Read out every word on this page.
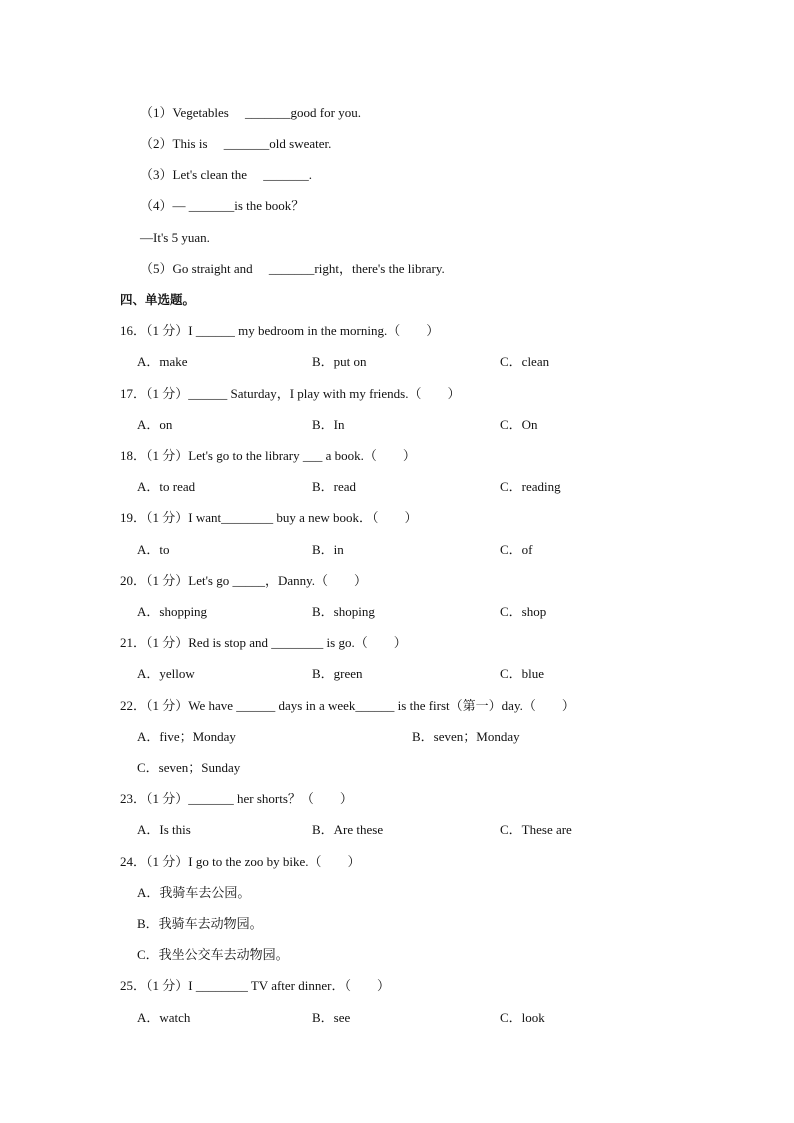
（1）Vegetables　 _______good for you.
（2）This is　 _______old sweater.
（3）Let's clean the　 _______.
（4）— _______is the book？
—It's 5 yuan.
（5）Go straight and　 _______right，there's the library.
四、单选题。
16．（1 分）I ______ my bedroom in the morning.（　　）
A．make	B．put on	C．clean
17．（1 分）______ Saturday，I play with my friends.（　　）
A．on	B．In	C．On
18．（1 分）Let's go to the library ___ a book.（　　）
A．to read	B．read	C．reading
19．（1 分）I want________ buy a new book．（　　）
A．to	B．in	C．of
20．（1 分）Let's go _____，Danny.（　　）
A．shopping	B．shoping	C．shop
21．（1 分）Red is stop and ________ is go.（　　）
A．yellow	B．green	C．blue
22．（1 分）We have ______ days in a week______ is the first（第一）day.（　　）
A．five；Monday	B．seven；Monday
C．seven；Sunday
23．（1 分）_______ her shorts？（　　）
A．Is this	B．Are these	C．These are
24．（1 分）I go to the zoo by bike.（　　）
A．我骑车去公园。
B．我骑车去动物园。
C．我坐公交车去动物园。
25．（1 分）I ________ TV after dinner．（　　）
A．watch	B．see	C．look
